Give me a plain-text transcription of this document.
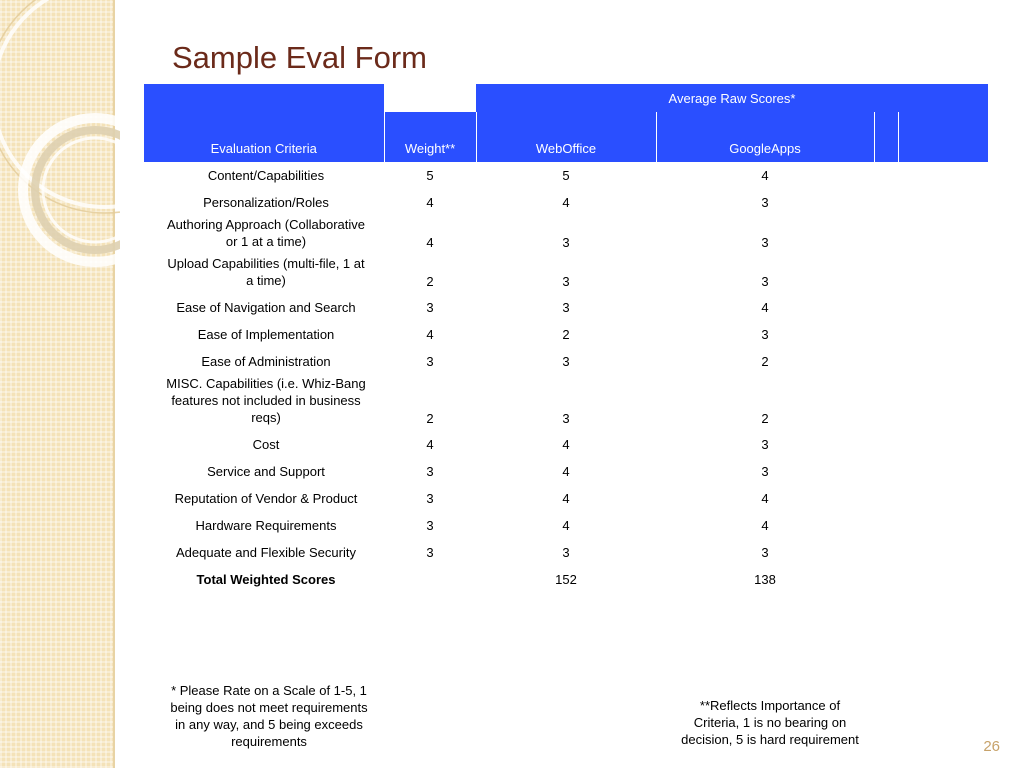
Sample Eval Form
		Average Raw Scores*			
Evaluation Criteria	Weight**	WebOffice	GoogleApps		
Content/Capabilities	5	5	4		
Personalization/Roles	4	4	3		
Authoring Approach (Collaborative or 1 at a time)	4	3	3		
Upload Capabilities (multi-file, 1 at a time)	2	3	3		
Ease of Navigation and Search	3	3	4		
Ease of Implementation	4	2	3		
Ease of Administration	3	3	2		
MISC. Capabilities (i.e. Whiz-Bang features not included in business reqs)	2	3	2		
Cost	4	4	3		
Service and Support	3	4	3		
Reputation of Vendor & Product	3	4	4		
Hardware Requirements	3	4	4		
Adequate and Flexible Security	3	3	3		
Total Weighted Scores		152	138		
* Please Rate on a Scale of 1-5, 1 being does not meet requirements in any way, and 5 being exceeds requirements
**Reflects Importance of Criteria, 1 is no bearing on decision, 5 is hard requirement	26
